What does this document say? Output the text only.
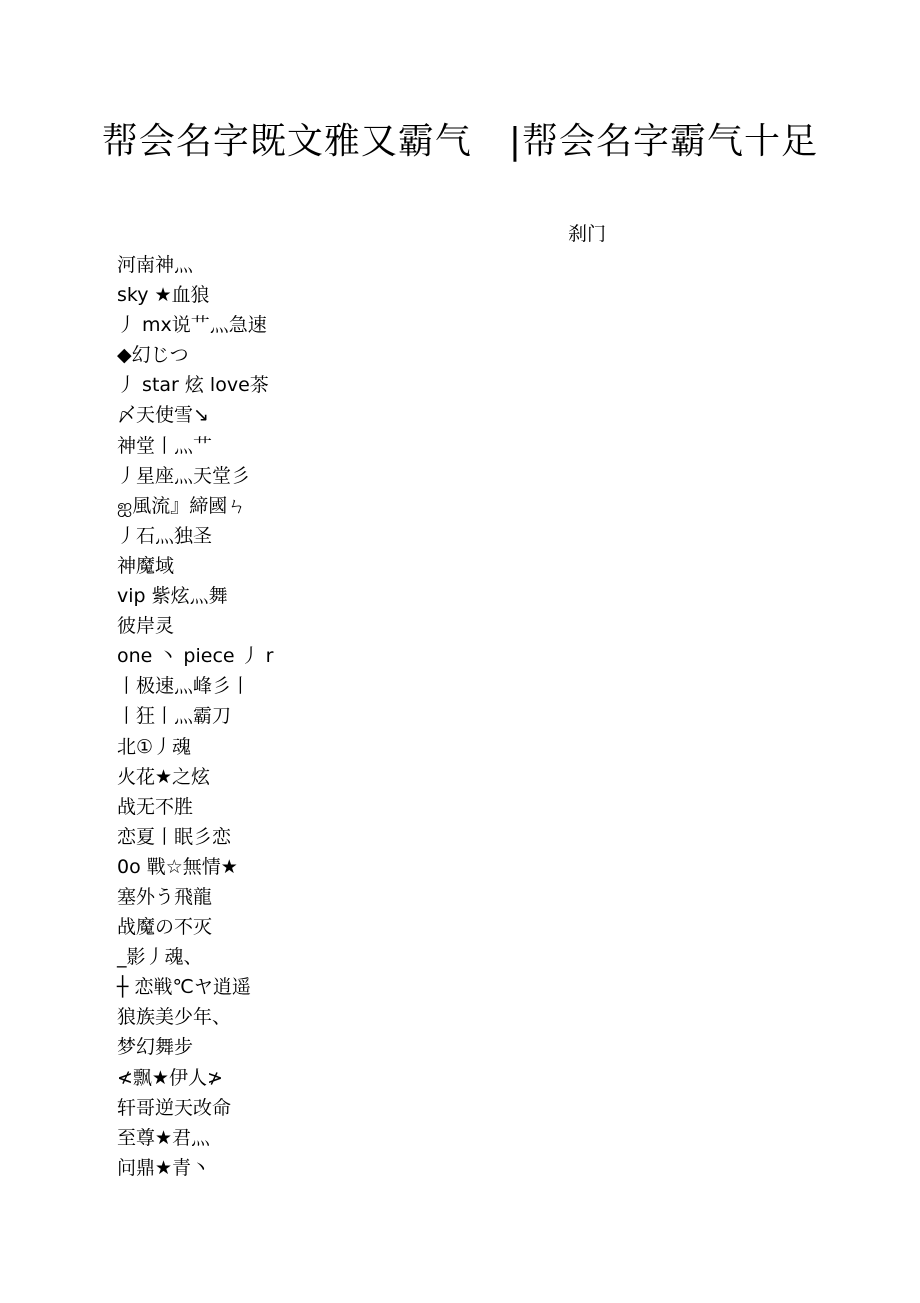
帮会名字既文雅又霸气　|帮会名字霸气十足
刹门
河南神灬
sky ★血狼
丿 mx说艹灬急速
◆幻じつ
丿 star 炫 love茶
〆天使雪↘
神堂丨灬艹
丿星座灬天堂彡
ஐ風流』締國ㄣ
丿石灬独圣
神魔域
vip 紫炫灬舞
彼岸灵
one 丶 piece 丿 r
丨极速灬峰彡丨
丨狂丨灬霸刀
北①丿魂
火花★之炫
战无不胜
恋夏丨眠彡恋
0o 戰☆無情★
塞外う飛龍
战魔の不灭
_影丿魂、
┼ 恋戦℃ヤ逍遥
狼族美少年、
梦幻舞步
≮飘★伊人≯
轩哥逆天改命
至尊★君灬
问鼎★青丶
